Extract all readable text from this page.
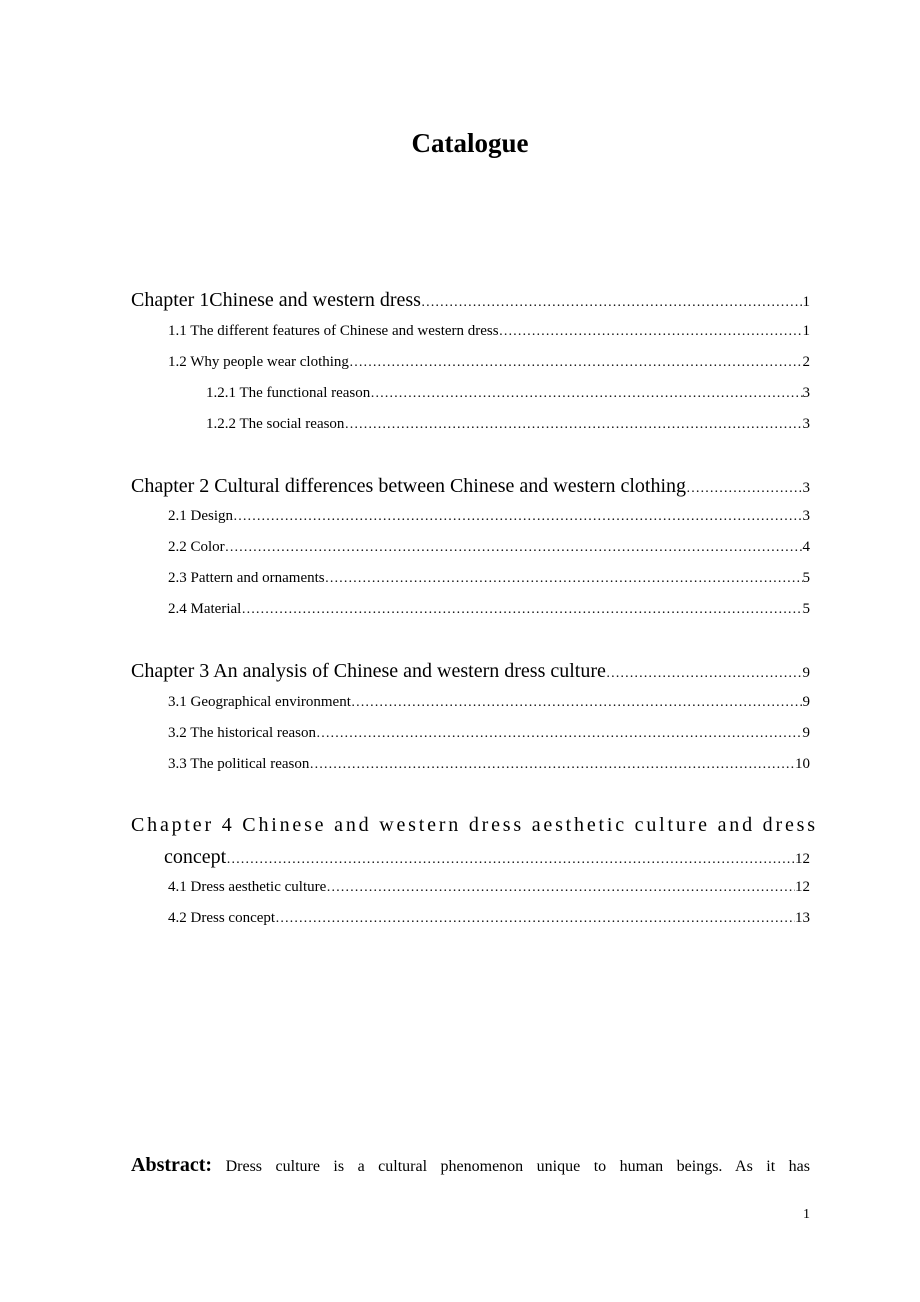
Catalogue
Chapter 1Chinese and western dress ……………………………………………………………………………………………………………………………………………………………………………………	1
1.1 The different features of Chinese and western dress ……………………………………………………………………………………………………………………………………………………………………………………	1
1.2 Why people wear clothing ……………………………………………………………………………………………………………………………………………………………………………………	2
1.2.1 The functional reason ……………………………………………………………………………………………………………………………………………………………………………………	3
1.2.2 The social reason ……………………………………………………………………………………………………………………………………………………………………………………	3
Chapter 2 Cultural differences between Chinese and western clothing ……………………………………………………………………………………………………………………………………………………………………………………	3
2.1 Design ……………………………………………………………………………………………………………………………………………………………………………………	3
2.2 Color ……………………………………………………………………………………………………………………………………………………………………………………	4
2.3 Pattern and ornaments ……………………………………………………………………………………………………………………………………………………………………………………	5
2.4 Material ……………………………………………………………………………………………………………………………………………………………………………………	5
Chapter 3 An analysis of Chinese and western dress culture ……………………………………………………………………………………………………………………………………………………………………………………	9
3.1 Geographical environment ……………………………………………………………………………………………………………………………………………………………………………………	9
3.2 The historical reason ……………………………………………………………………………………………………………………………………………………………………………………	9
3.3 The political reason ……………………………………………………………………………………………………………………………………………………………………………………	10
Chapter 4 Chinese and western dress aesthetic culture and dress
concept ……………………………………………………………………………………………………………………………………………………………………………………	12
4.1 Dress aesthetic culture ……………………………………………………………………………………………………………………………………………………………………………………	12
4.2 Dress concept ……………………………………………………………………………………………………………………………………………………………………………………	13
Abstract: Dress culture is a cultural phenomenon unique to human beings. As it has
1
